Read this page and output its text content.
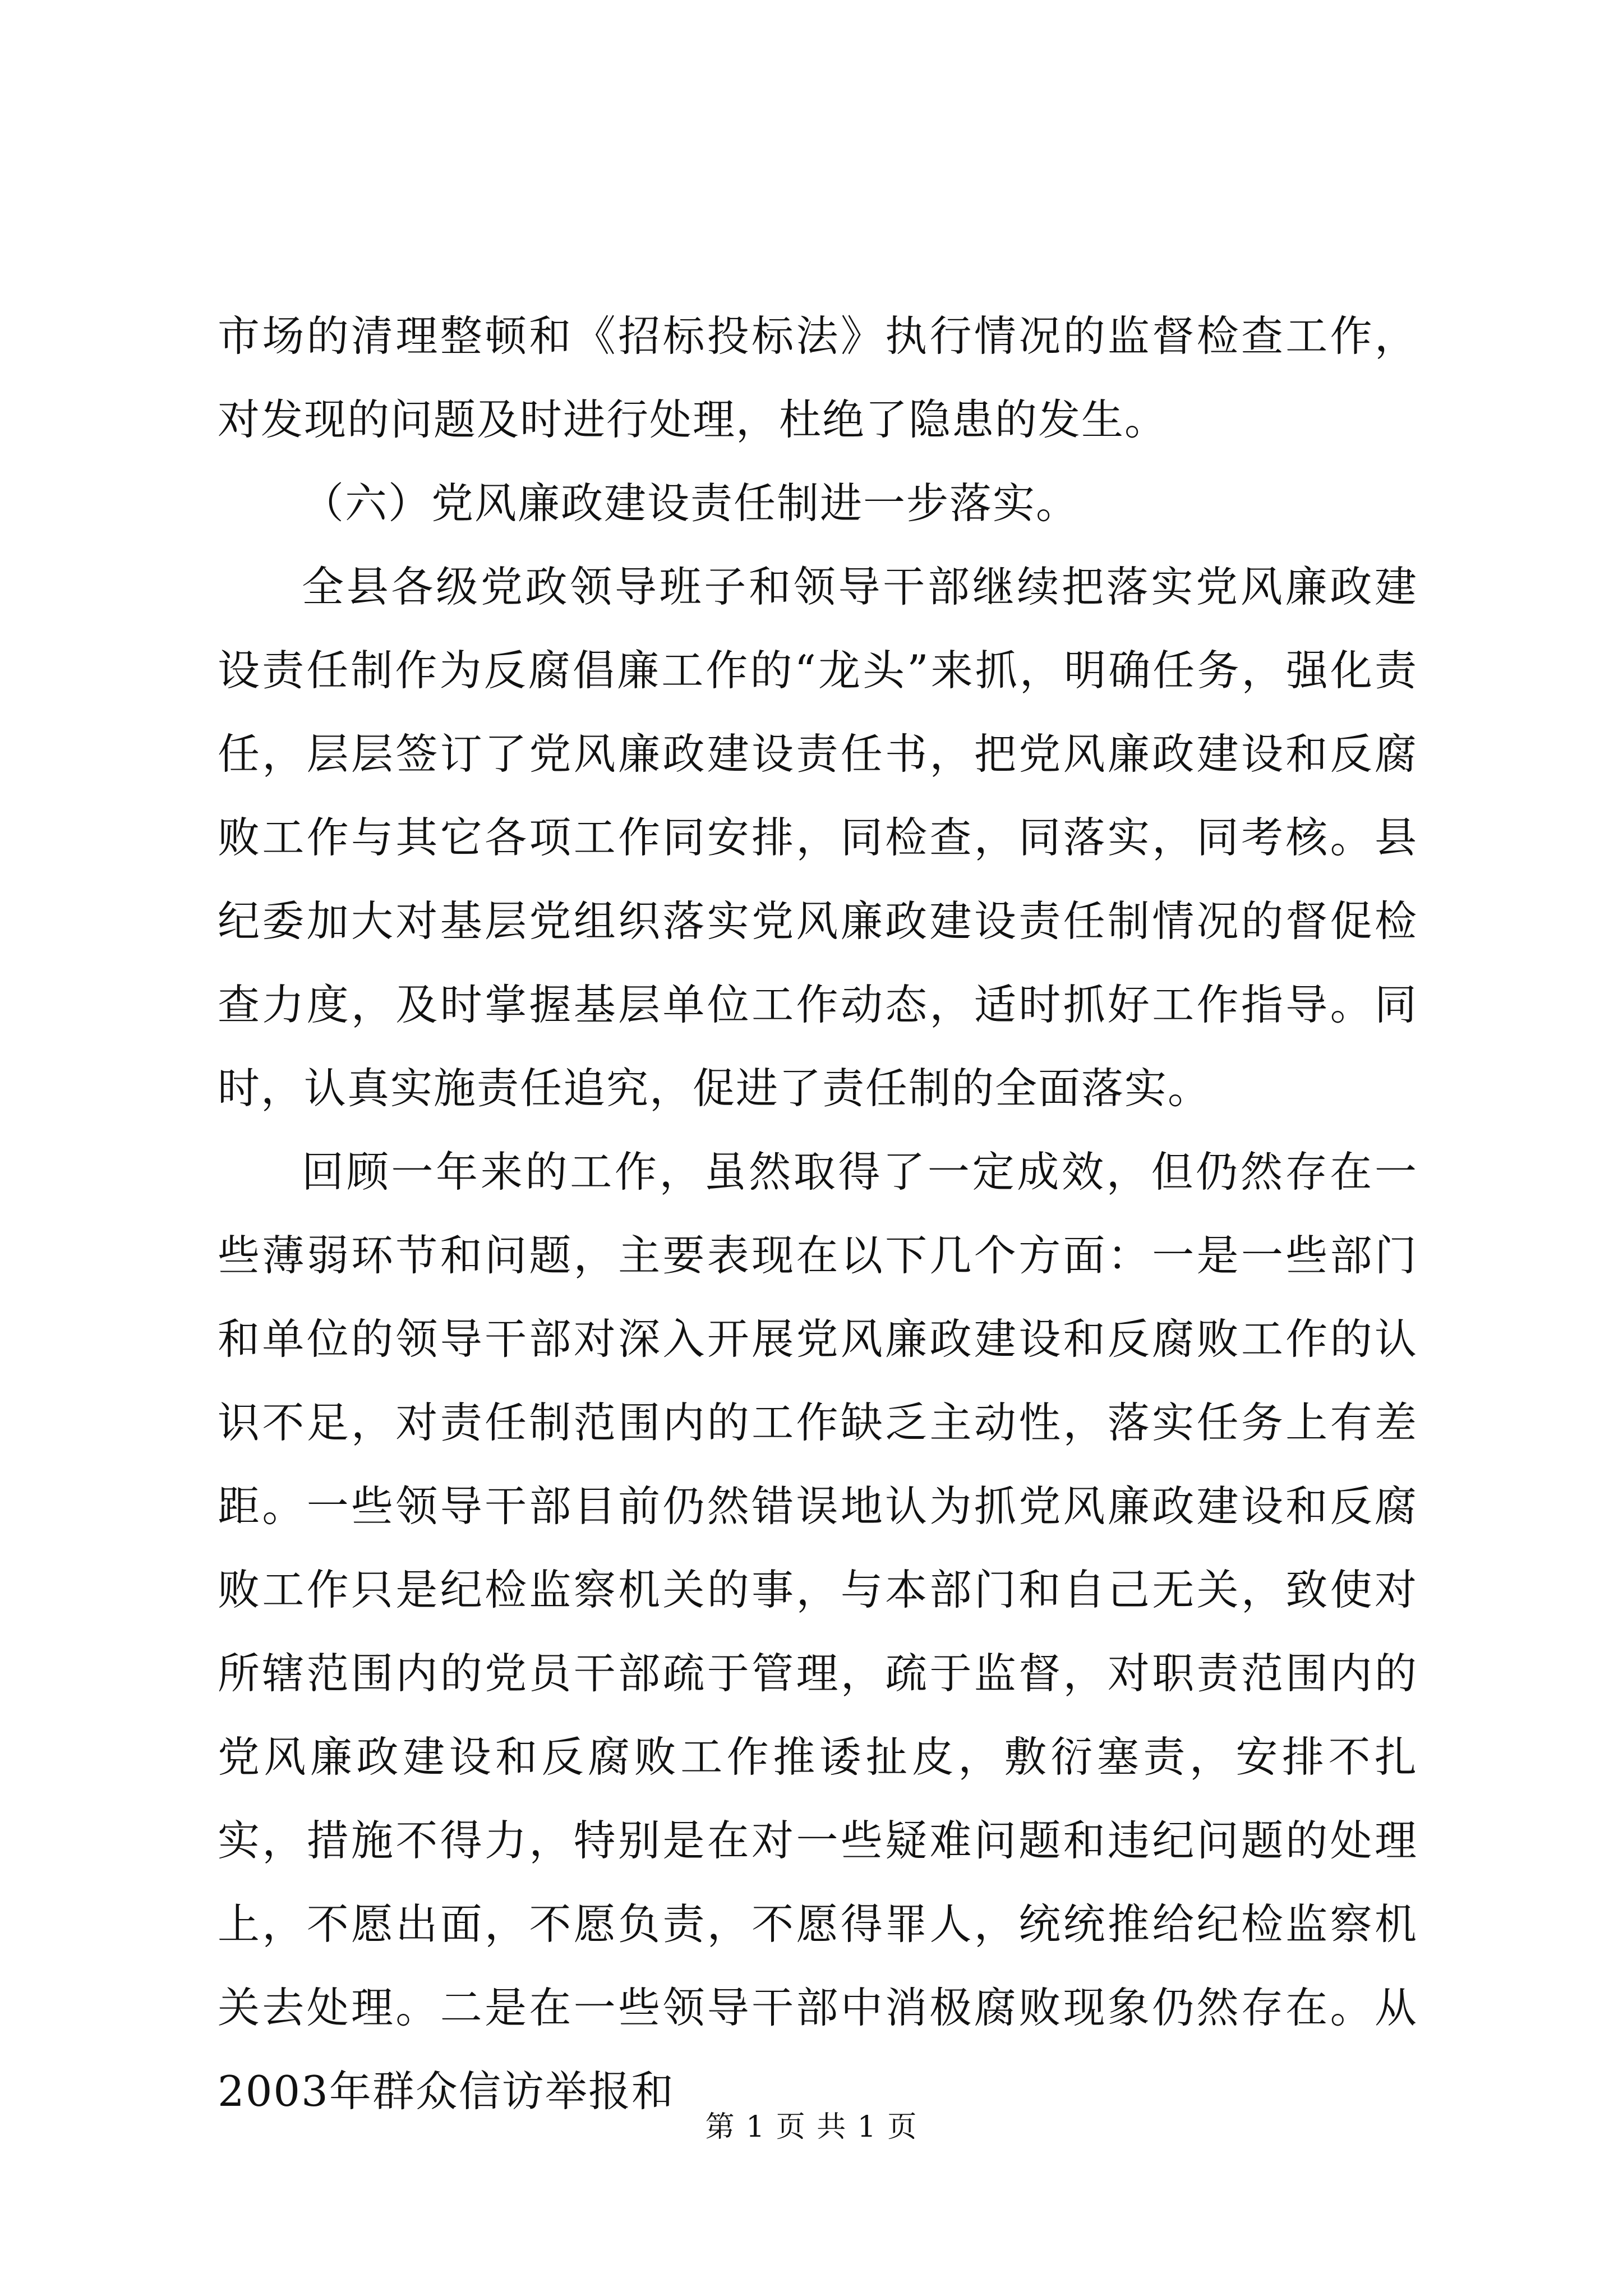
市场的清理整顿和《招标投标法》执行情况的监督检查工作，对发现的问题及时进行处理，杜绝了隐患的发生。

（六）党风廉政建设责任制进一步落实。

全县各级党政领导班子和领导干部继续把落实党风廉政建设责任制作为反腐倡廉工作的“龙头”来抓，明确任务，强化责任，层层签订了党风廉政建设责任书，把党风廉政建设和反腐败工作与其它各项工作同安排，同检查，同落实，同考核。县纪委加大对基层党组织落实党风廉政建设责任制情况的督促检查力度，及时掌握基层单位工作动态，适时抓好工作指导。同时，认真实施责任追究，促进了责任制的全面落实。

回顾一年来的工作，虽然取得了一定成效，但仍然存在一些薄弱环节和问题，主要表现在以下几个方面：一是一些部门和单位的领导干部对深入开展党风廉政建设和反腐败工作的认识不足，对责任制范围内的工作缺乏主动性，落实任务上有差距。一些领导干部目前仍然错误地认为抓党风廉政建设和反腐败工作只是纪检监察机关的事，与本部门和自己无关，致使对所辖范围内的党员干部疏于管理，疏于监督，对职责范围内的党风廉政建设和反腐败工作推诿扯皮，敷衍塞责，安排不扎实，措施不得力，特别是在对一些疑难问题和违纪问题的处理上，不愿出面，不愿负责，不愿得罪人，统统推给纪检监察机关去处理。二是在一些领导干部中消极腐败现象仍然存在。从2003年群众信访举报和

第 1 页 共 1 页
